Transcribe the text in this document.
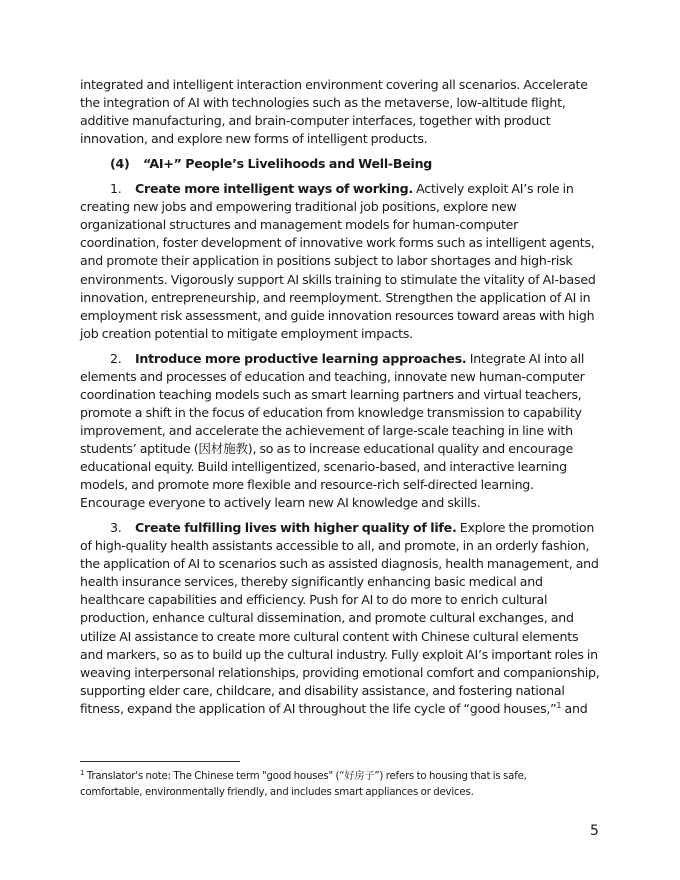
integrated and intelligent interaction environment covering all scenarios. Accelerate the integration of AI with technologies such as the metaverse, low-altitude flight, additive manufacturing, and brain-computer interfaces, together with product innovation, and explore new forms of intelligent products.

(4) “AI+” People’s Livelihoods and Well-Being

1. Create more intelligent ways of working. Actively exploit AI’s role in creating new jobs and empowering traditional job positions, explore new organizational structures and management models for human-computer coordination, foster development of innovative work forms such as intelligent agents, and promote their application in positions subject to labor shortages and high-risk environments. Vigorously support AI skills training to stimulate the vitality of AI-based innovation, entrepreneurship, and reemployment. Strengthen the application of AI in employment risk assessment, and guide innovation resources toward areas with high job creation potential to mitigate employment impacts.

2. Introduce more productive learning approaches. Integrate AI into all elements and processes of education and teaching, innovate new human-computer coordination teaching models such as smart learning partners and virtual teachers, promote a shift in the focus of education from knowledge transmission to capability improvement, and accelerate the achievement of large-scale teaching in line with students’ aptitude (因材施教), so as to increase educational quality and encourage educational equity. Build intelligentized, scenario-based, and interactive learning models, and promote more flexible and resource-rich self-directed learning. Encourage everyone to actively learn new AI knowledge and skills.

3. Create fulfilling lives with higher quality of life. Explore the promotion of high-quality health assistants accessible to all, and promote, in an orderly fashion, the application of AI to scenarios such as assisted diagnosis, health management, and health insurance services, thereby significantly enhancing basic medical and healthcare capabilities and efficiency. Push for AI to do more to enrich cultural production, enhance cultural dissemination, and promote cultural exchanges, and utilize AI assistance to create more cultural content with Chinese cultural elements and markers, so as to build up the cultural industry. Fully exploit AI’s important roles in weaving interpersonal relationships, providing emotional comfort and companionship, supporting elder care, childcare, and disability assistance, and fostering national fitness, expand the application of AI throughout the life cycle of “good houses,”$^1$ and

$^1$ Translator's note: The Chinese term "good houses" (“好房子”) refers to housing that is safe, comfortable, environmentally friendly, and includes smart appliances or devices.

5
